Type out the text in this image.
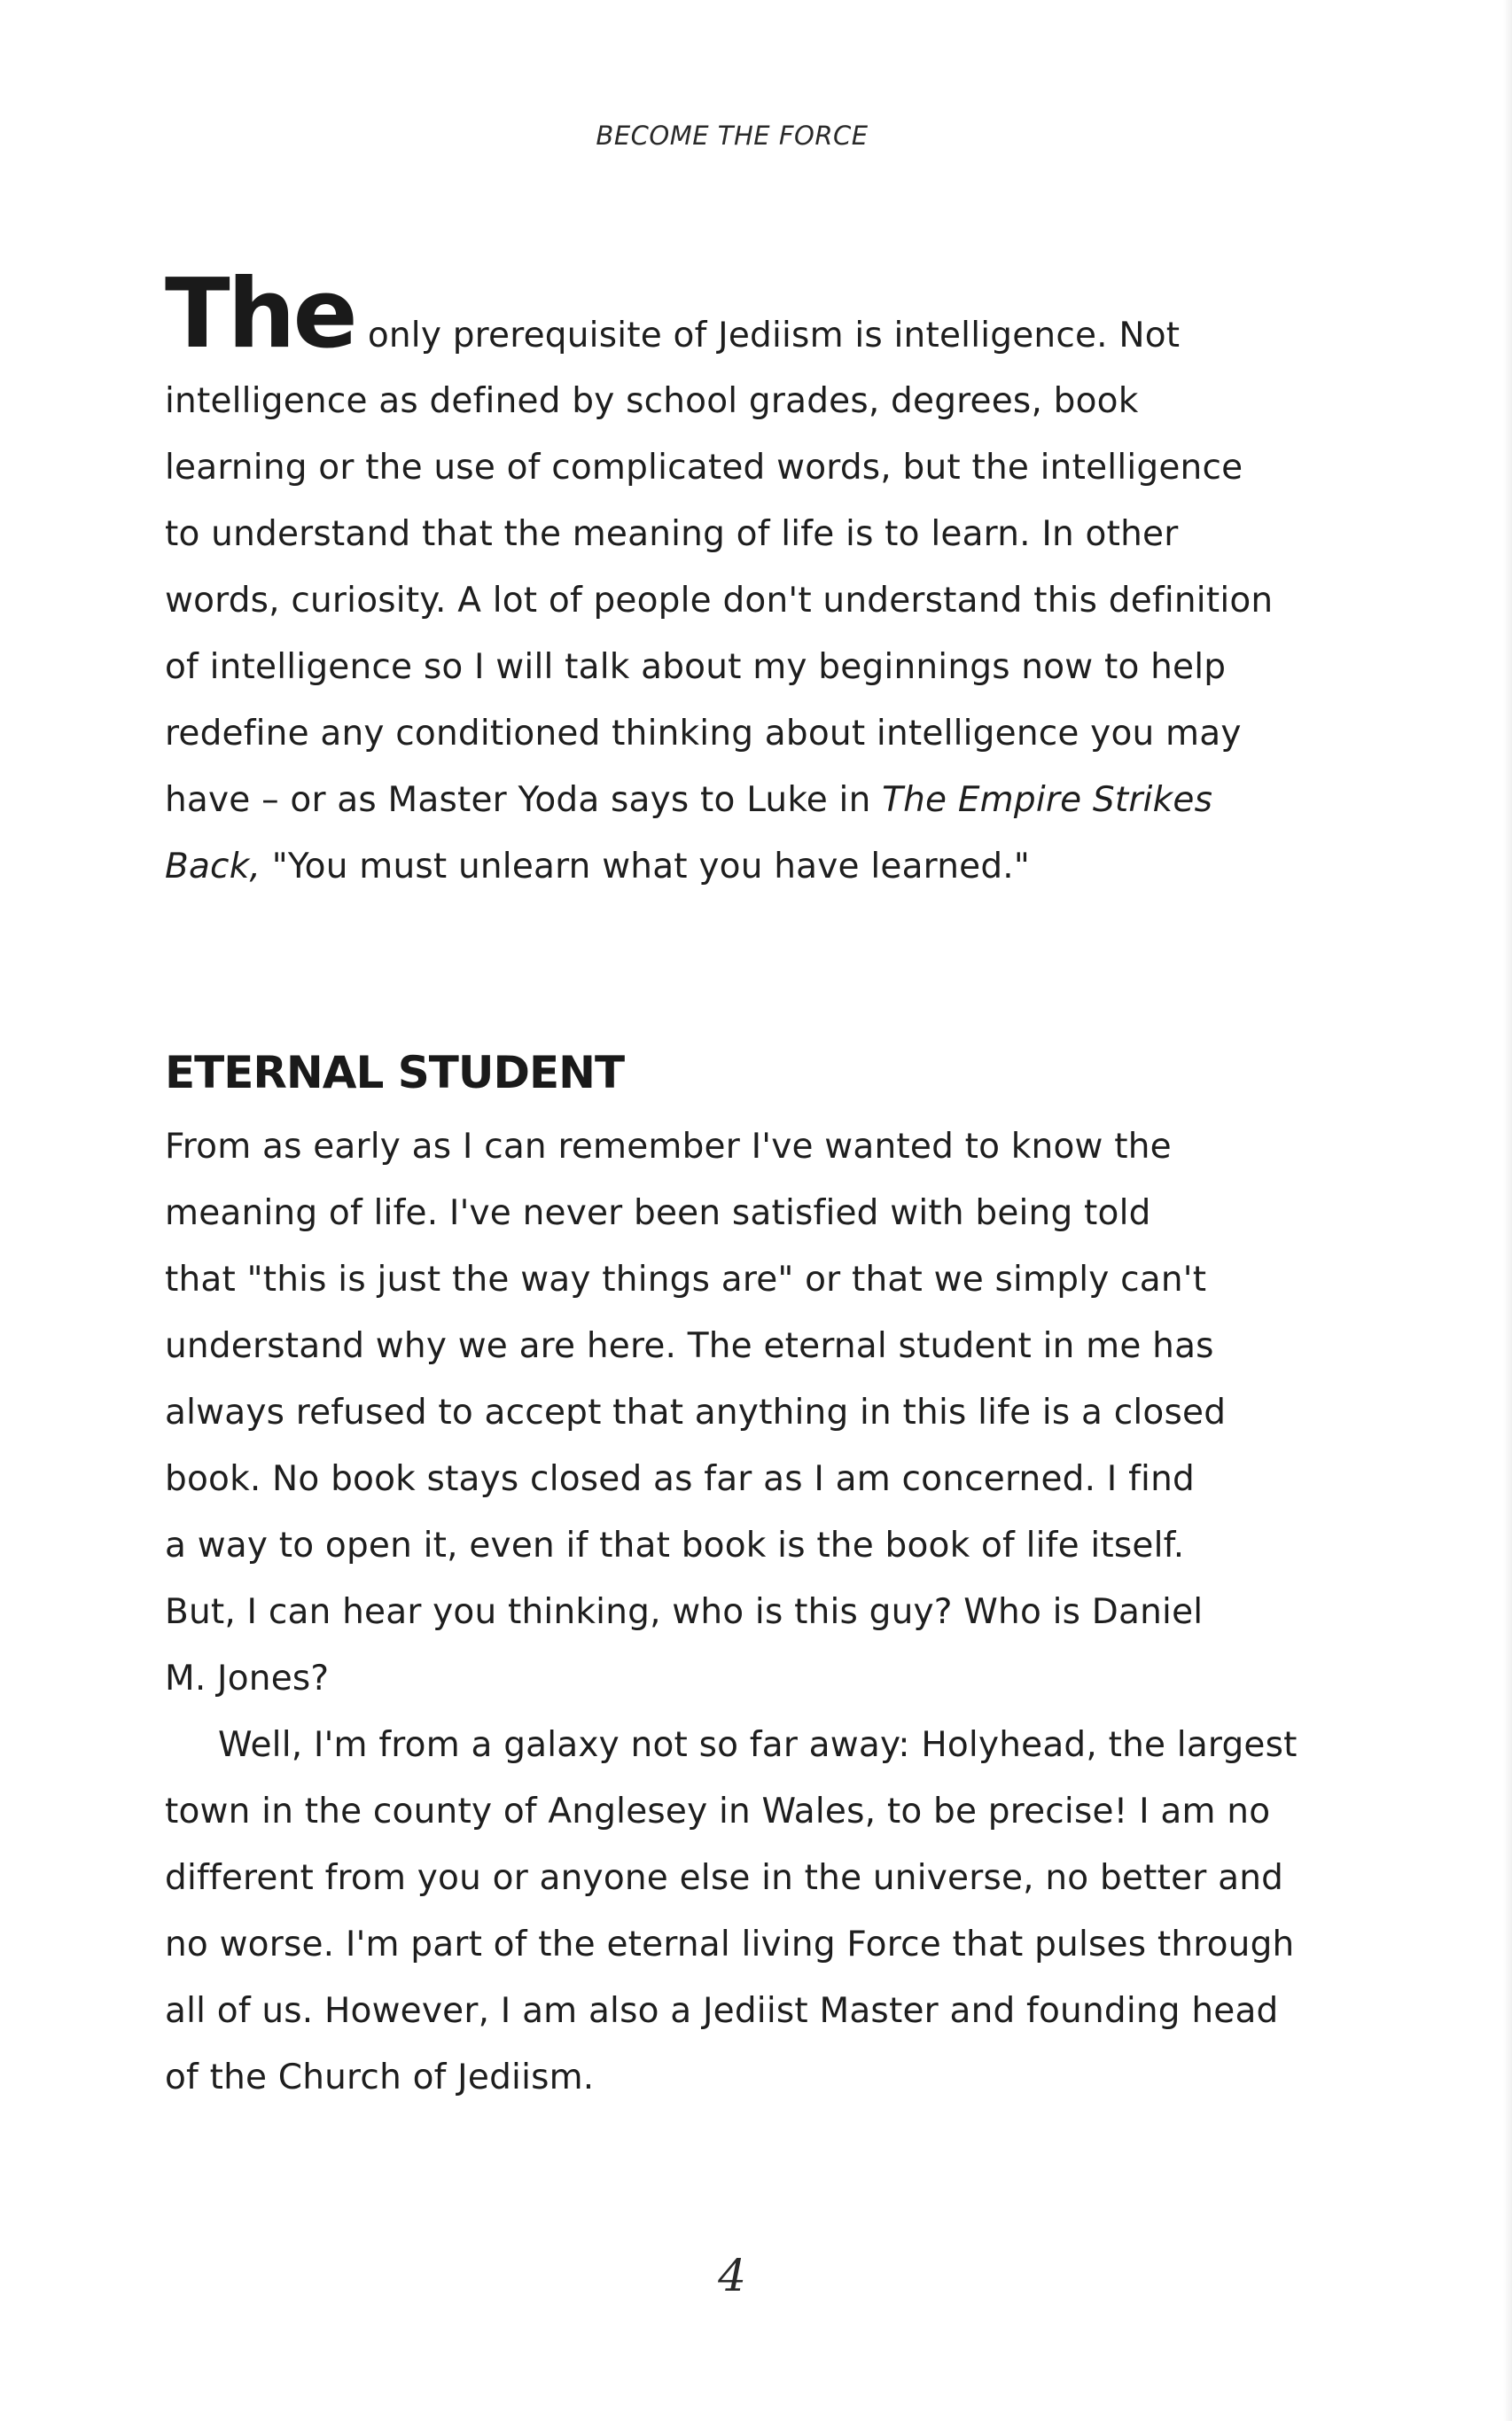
BECOME THE FORCE
The only prerequisite of Jediism is intelligence. Not
intelligence as defined by school grades, degrees, book
learning or the use of complicated words, but the intelligence
to understand that the meaning of life is to learn. In other
words, curiosity. A lot of people don't understand this definition
of intelligence so I will talk about my beginnings now to help
redefine any conditioned thinking about intelligence you may
have – or as Master Yoda says to Luke in The Empire Strikes
Back, "You must unlearn what you have learned."
ETERNAL STUDENT
From as early as I can remember I've wanted to know the
meaning of life. I've never been satisfied with being told
that "this is just the way things are" or that we simply can't
understand why we are here. The eternal student in me has
always refused to accept that anything in this life is a closed
book. No book stays closed as far as I am concerned. I find
a way to open it, even if that book is the book of life itself.
But, I can hear you thinking, who is this guy? Who is Daniel
M. Jones?
Well, I'm from a galaxy not so far away: Holyhead, the largest
town in the county of Anglesey in Wales, to be precise! I am no
different from you or anyone else in the universe, no better and
no worse. I'm part of the eternal living Force that pulses through
all of us. However, I am also a Jediist Master and founding head
of the Church of Jediism.
4
